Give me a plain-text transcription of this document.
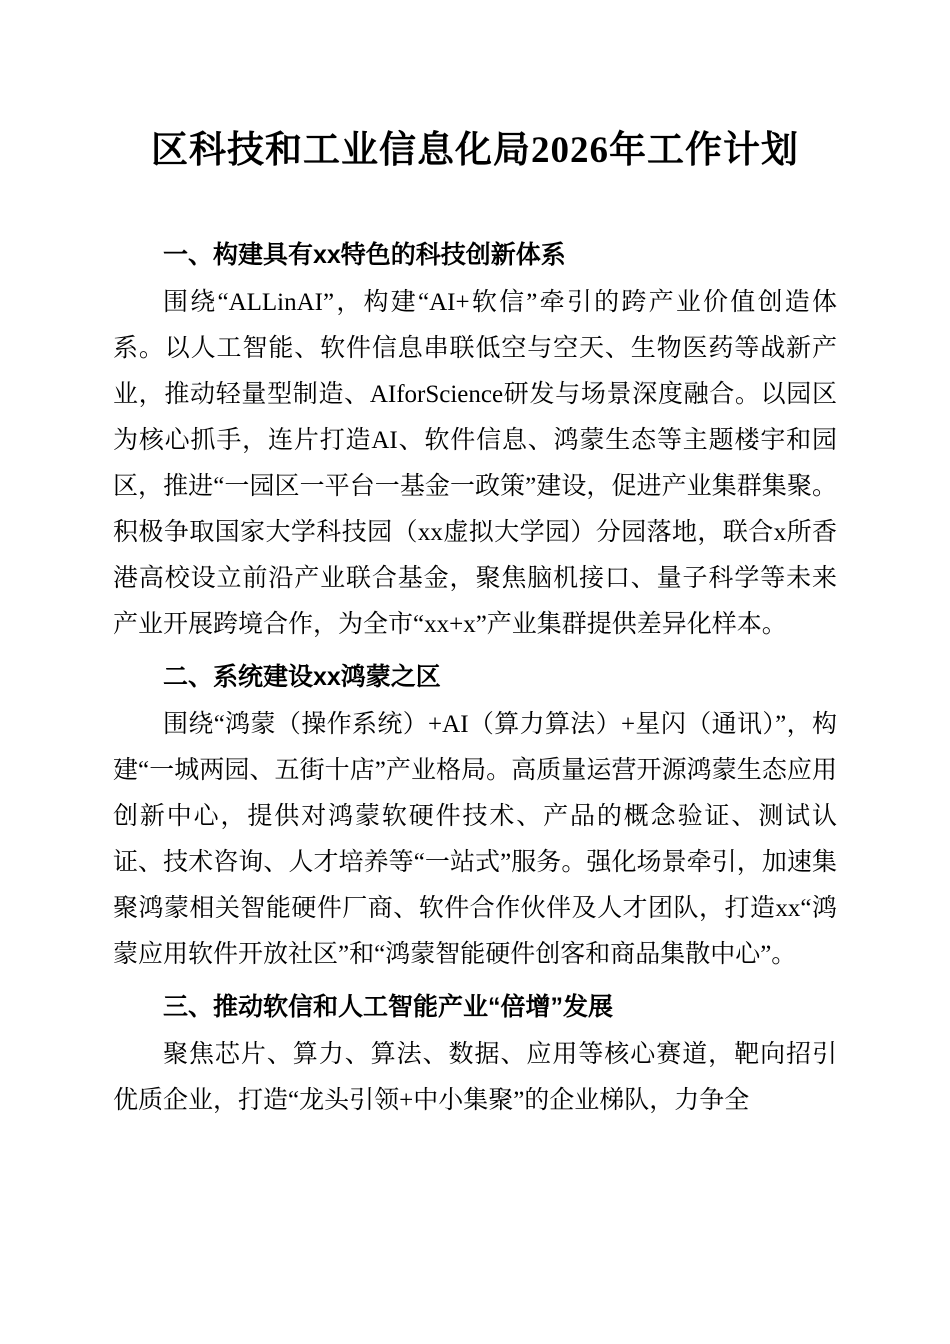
区科技和工业信息化局2026年工作计划
一、构建具有xx特色的科技创新体系

围绕“ALLinAI”，构建“AI+软信”牵引的跨产业价值创造体系。以人工智能、软件信息串联低空与空天、生物医药等战新产业，推动轻量型制造、AIforScience研发与场景深度融合。以园区为核心抓手，连片打造AI、软件信息、鸿蒙生态等主题楼宇和园区，推进“一园区一平台一基金一政策”建设，促进产业集群集聚。积极争取国家大学科技园（xx虚拟大学园）分园落地，联合x所香港高校设立前沿产业联合基金，聚焦脑机接口、量子科学等未来产业开展跨境合作，为全市“xx+x”产业集群提供差异化样本。

二、系统建设xx鸿蒙之区

围绕“鸿蒙（操作系统）+AI（算力算法）+星闪（通讯）”，构建“一城两园、五街十店”产业格局。高质量运营开源鸿蒙生态应用创新中心，提供对鸿蒙软硬件技术、产品的概念验证、测试认证、技术咨询、人才培养等“一站式”服务。强化场景牵引，加速集聚鸿蒙相关智能硬件厂商、软件合作伙伴及人才团队，打造xx“鸿蒙应用软件开放社区”和“鸿蒙智能硬件创客和商品集散中心”。

三、推动软信和人工智能产业“倍增”发展

聚焦芯片、算力、算法、数据、应用等核心赛道，靶向招引优质企业，打造“龙头引领+中小集聚”的企业梯队，力争全
